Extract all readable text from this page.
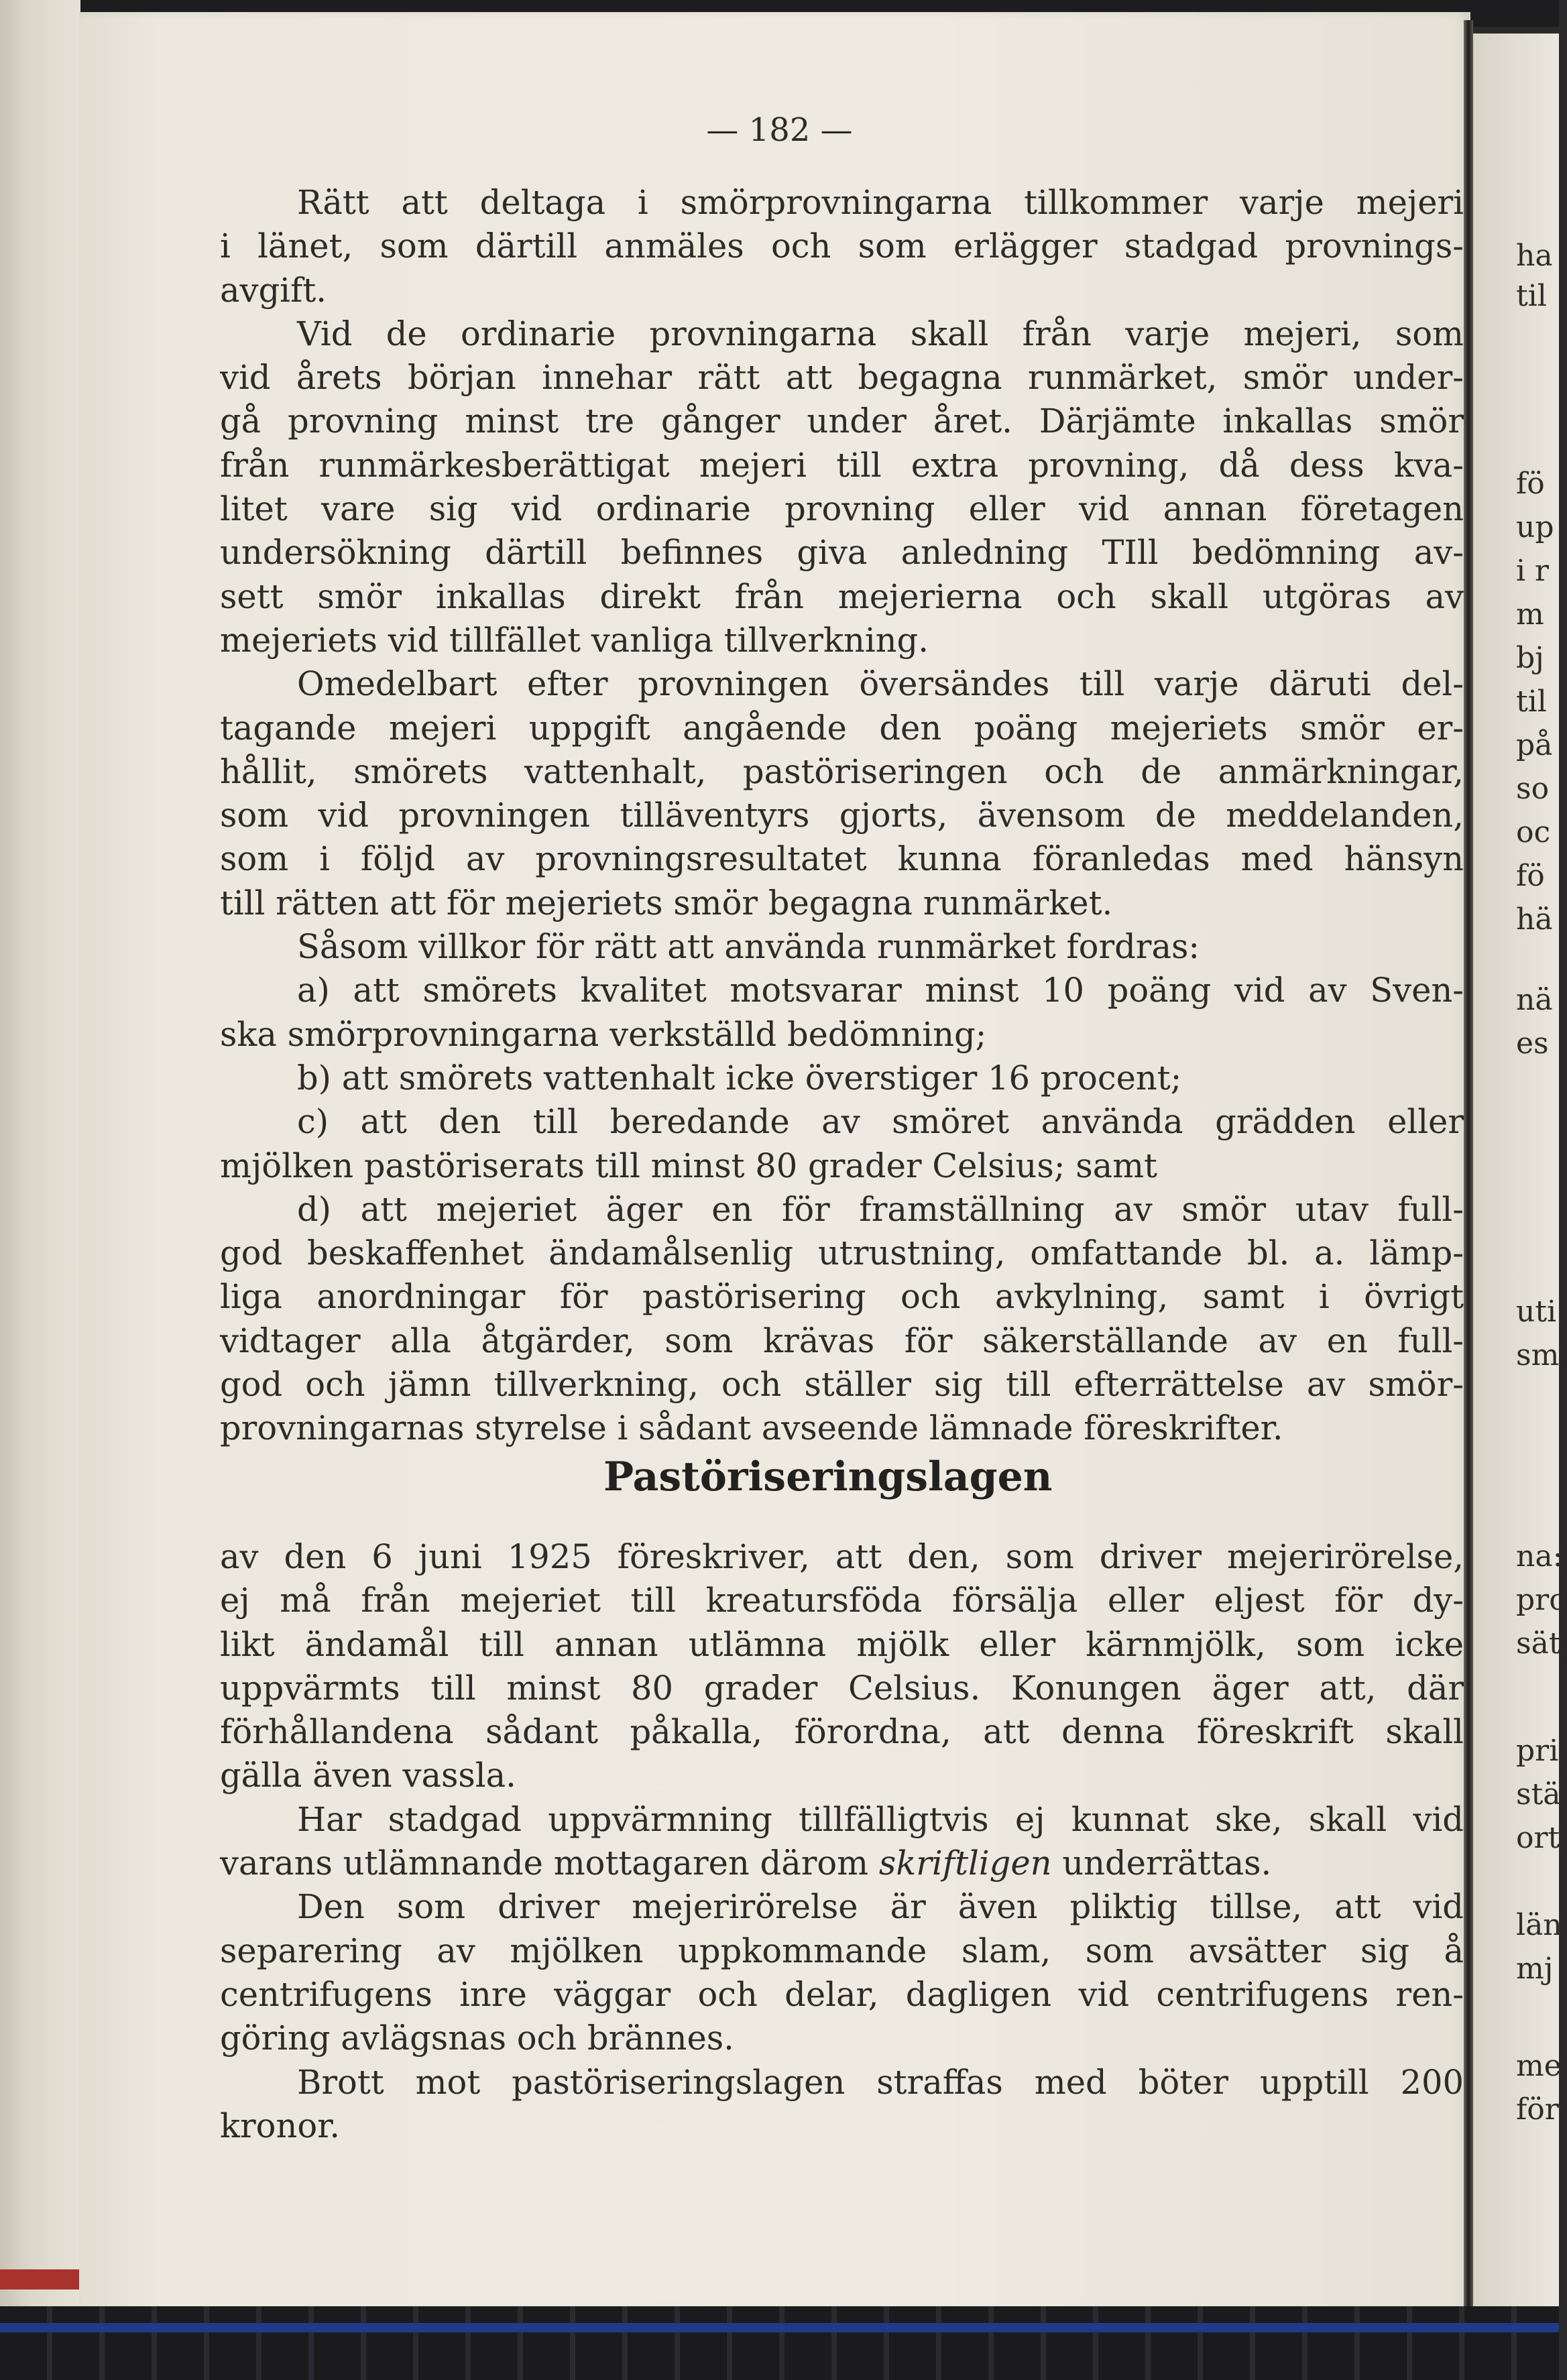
ha
til
fö
up
i r
m
bj
til
på
so
oc
fö
hä
nä
es
uti
sm
na:
pro
sät
pri
stä
ort
län
mj
me
för
— 182 —
Rätt att deltaga i smörprovningarna tillkommer varje mejeri
i länet, som därtill anmäles och som erlägger stadgad provnings-
avgift.
Vid de ordinarie provningarna skall från varje mejeri, som
vid årets början innehar rätt att begagna runmärket, smör under-
gå provning minst tre gånger under året. Därjämte inkallas smör
från runmärkesberättigat mejeri till extra provning, då dess kva-
litet vare sig vid ordinarie provning eller vid annan företagen
undersökning därtill befinnes giva anledning TIll bedömning av-
sett smör inkallas direkt från mejerierna och skall utgöras av
mejeriets vid tillfället vanliga tillverkning.
Omedelbart efter provningen översändes till varje däruti del-
tagande mejeri uppgift angående den poäng mejeriets smör er-
hållit, smörets vattenhalt, pastöriseringen och de anmärkningar,
som vid provningen tilläventyrs gjorts, ävensom de meddelanden,
som i följd av provningsresultatet kunna föranledas med hänsyn
till rätten att för mejeriets smör begagna runmärket.
Såsom villkor för rätt att använda runmärket fordras:
a) att smörets kvalitet motsvarar minst 10 poäng vid av Sven-
ska smörprovningarna verkställd bedömning;
b) att smörets vattenhalt icke överstiger 16 procent;
c) att den till beredande av smöret använda grädden eller
mjölken pastöriserats till minst 80 grader Celsius; samt
d) att mejeriet äger en för framställning av smör utav full-
god beskaffenhet ändamålsenlig utrustning, omfattande bl. a. lämp-
liga anordningar för pastörisering och avkylning, samt i övrigt
vidtager alla åtgärder, som krävas för säkerställande av en full-
god och jämn tillverkning, och ställer sig till efterrättelse av smör-
provningarnas styrelse i sådant avseende lämnade föreskrifter.
Pastöriseringslagen
av den 6 juni 1925 föreskriver, att den, som driver mejerirörelse,
ej må från mejeriet till kreatursföda försälja eller eljest för dy-
likt ändamål till annan utlämna mjölk eller kärnmjölk, som icke
uppvärmts till minst 80 grader Celsius. Konungen äger att, där
förhållandena sådant påkalla, förordna, att denna föreskrift skall
gälla även vassla.
Har stadgad uppvärmning tillfälligtvis ej kunnat ske, skall vid
varans utlämnande mottagaren därom skriftligen underrättas.
Den som driver mejerirörelse är även pliktig tillse, att vid
separering av mjölken uppkommande slam, som avsätter sig å
centrifugens inre väggar och delar, dagligen vid centrifugens ren-
göring avlägsnas och brännes.
Brott mot pastöriseringslagen straffas med böter upptill 200
kronor.
